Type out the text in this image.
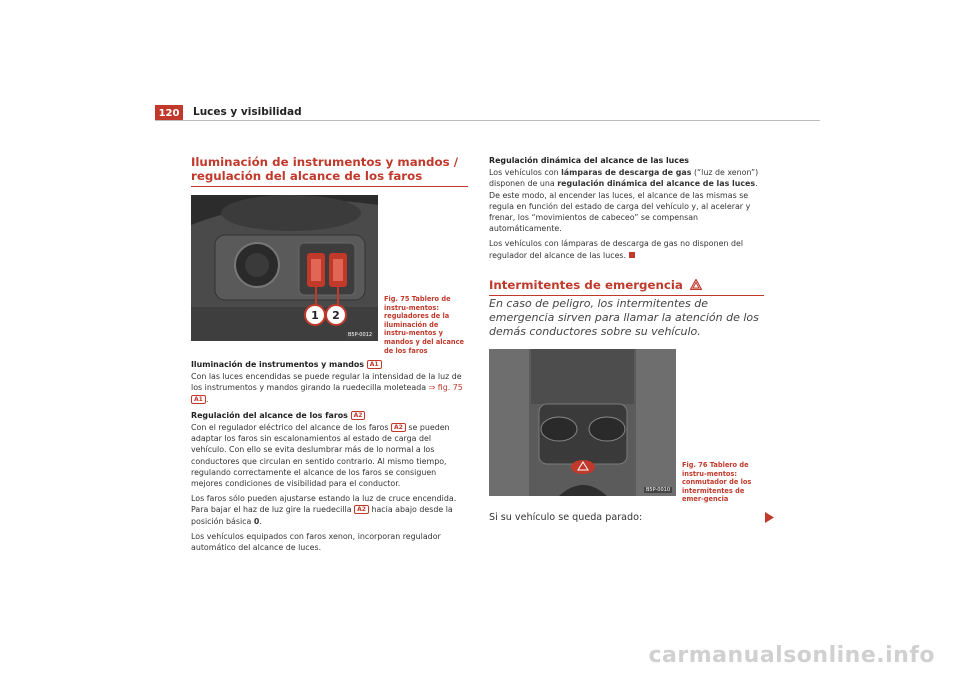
120	Luces y visibilidad
Iluminación de instrumentos y mandos / regulación del alcance de los faros
1	2
B5P-0012
Fig. 75 Tablero de instru-mentos: reguladores de la iluminación de instru-mentos y mandos y del alcance de los faros
Iluminación de instrumentos y mandos A1

Con las luces encendidas se puede regular la intensidad de la luz de los instrumentos y mandos girando la ruedecilla moleteada ⇒ fig. 75 A1 .

Regulación del alcance de los faros A2

Con el regulador eléctrico del alcance de los faros A2 se pueden adaptar los faros sin escalonamientos al estado de carga del vehículo. Con ello se evita deslumbrar más de lo normal a los conductores que circulan en sentido contrario. Al mismo tiempo, regulando correctamente el alcance de los faros se consiguen mejores condiciones de visibilidad para el conductor.

Los faros sólo pueden ajustarse estando la luz de cruce encendida. Para bajar el haz de luz gire la ruedecilla A2 hacia abajo desde la posición básica 0.

Los vehículos equipados con faros xenon, incorporan regulador automático del alcance de luces.

Regulación dinámica del alcance de las luces

Los vehículos con lámparas de descarga de gas (“luz de xenon”) disponen de una regulación dinámica del alcance de las luces. De este modo, al encender las luces, el alcance de las mismas se regula en función del estado de carga del vehículo y, al acelerar y frenar, los “movimientos de cabeceo” se compensan automáticamente.

Los vehículos con lámparas de descarga de gas no disponen del regulador del alcance de las luces.

Intermitentes de emergencia
En caso de peligro, los intermitentes de emergencia sirven para llamar la atención de los demás conductores sobre su vehículo.
B5P-0010
Fig. 76 Tablero de instru-mentos: conmutador de los intermitentes de emer-gencia
Si su vehículo se queda parado:
carmanualsonline.info
